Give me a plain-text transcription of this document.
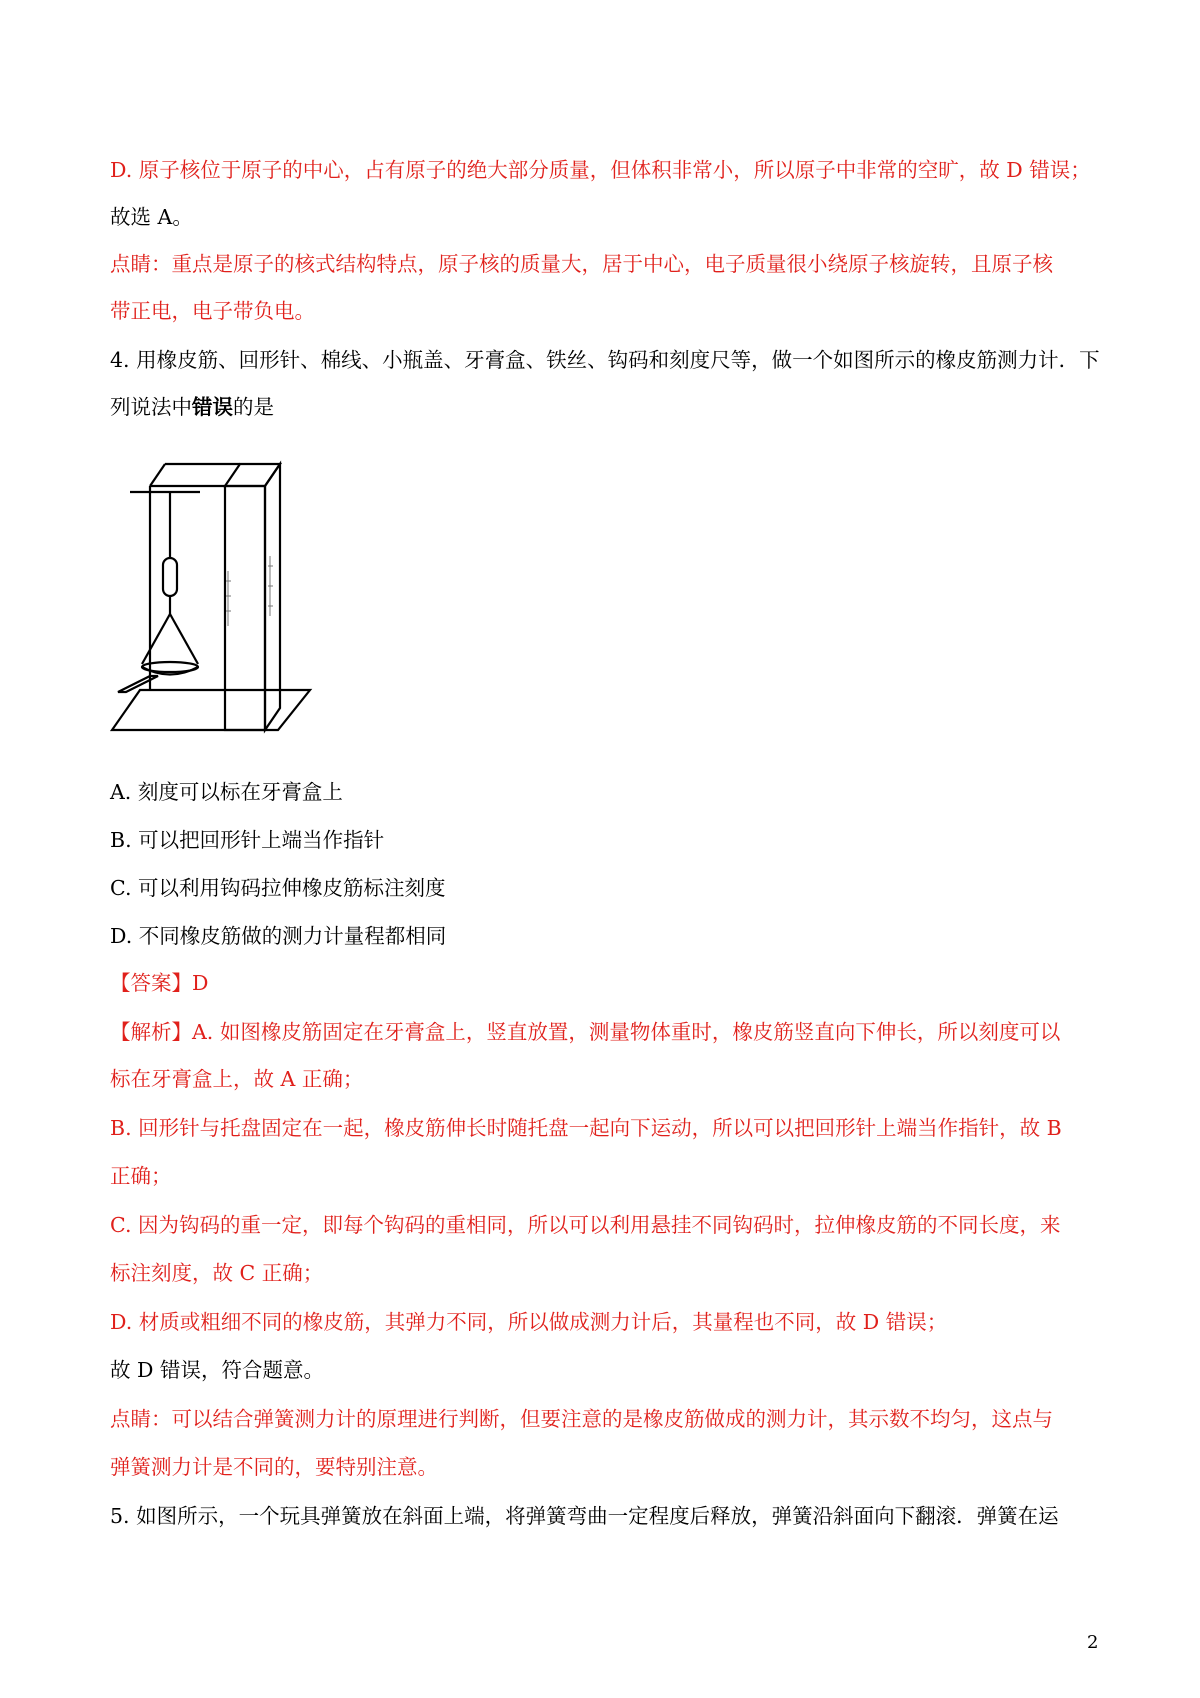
D. 原子核位于原子的中心，占有原子的绝大部分质量，但体积非常小，所以原子中非常的空旷，故 D 错误；
故选 A。
点睛：重点是原子的核式结构特点，原子核的质量大，居于中心，电子质量很小绕原子核旋转，且原子核
带正电，电子带负电。
4. 用橡皮筋、回形针、棉线、小瓶盖、牙膏盒、铁丝、钩码和刻度尺等，做一个如图所示的橡皮筋测力计．下
列说法中错误的是
A. 刻度可以标在牙膏盒上
B. 可以把回形针上端当作指针
C. 可以利用钩码拉伸橡皮筋标注刻度
D. 不同橡皮筋做的测力计量程都相同
【答案】D
【解析】A. 如图橡皮筋固定在牙膏盒上，竖直放置，测量物体重时，橡皮筋竖直向下伸长，所以刻度可以
标在牙膏盒上，故 A 正确；
B. 回形针与托盘固定在一起，橡皮筋伸长时随托盘一起向下运动，所以可以把回形针上端当作指针，故 B
正确；
C. 因为钩码的重一定，即每个钩码的重相同，所以可以利用悬挂不同钩码时，拉伸橡皮筋的不同长度，来
标注刻度，故 C 正确；
D. 材质或粗细不同的橡皮筋，其弹力不同，所以做成测力计后，其量程也不同，故 D 错误；
故 D 错误，符合题意。
点睛：可以结合弹簧测力计的原理进行判断，但要注意的是橡皮筋做成的测力计，其示数不均匀，这点与
弹簧测力计是不同的，要特别注意。
5. 如图所示，一个玩具弹簧放在斜面上端，将弹簧弯曲一定程度后释放，弹簧沿斜面向下翻滚．弹簧在运
2
